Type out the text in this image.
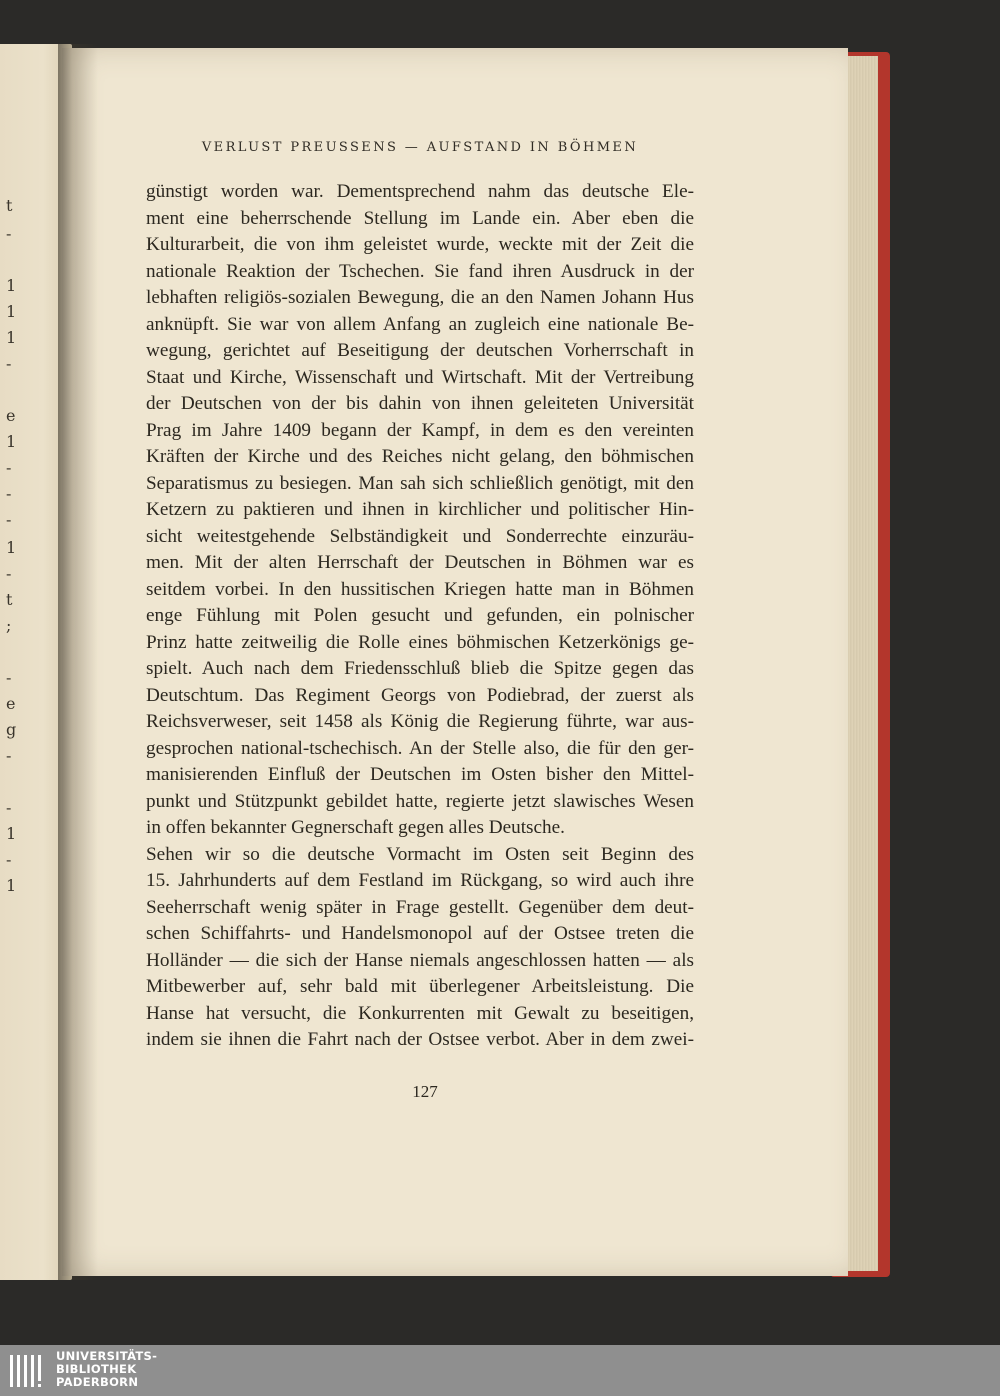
t
-
1
1
1
-
e
1
-
-
-
1
-
t
;
-
e
g
-
-
1
-
1
VERLUST PREUSSENS — AUFSTAND IN BÖHMEN
günstigt worden war. Dementsprechend nahm das deutsche Ele-
ment eine beherrschende Stellung im Lande ein. Aber eben die
Kulturarbeit, die von ihm geleistet wurde, weckte mit der Zeit die
nationale Reaktion der Tschechen. Sie fand ihren Ausdruck in der
lebhaften religiös-sozialen Bewegung, die an den Namen Johann Hus
anknüpft. Sie war von allem Anfang an zugleich eine nationale Be-
wegung, gerichtet auf Beseitigung der deutschen Vorherrschaft in
Staat und Kirche, Wissenschaft und Wirtschaft. Mit der Vertreibung
der Deutschen von der bis dahin von ihnen geleiteten Universität
Prag im Jahre 1409 begann der Kampf, in dem es den vereinten
Kräften der Kirche und des Reiches nicht gelang, den böhmischen
Separatismus zu besiegen. Man sah sich schließlich genötigt, mit den
Ketzern zu paktieren und ihnen in kirchlicher und politischer Hin-
sicht weitestgehende Selbständigkeit und Sonderrechte einzuräu-
men. Mit der alten Herrschaft der Deutschen in Böhmen war es
seitdem vorbei. In den hussitischen Kriegen hatte man in Böhmen
enge Fühlung mit Polen gesucht und gefunden, ein polnischer
Prinz hatte zeitweilig die Rolle eines böhmischen Ketzerkönigs ge-
spielt. Auch nach dem Friedensschluß blieb die Spitze gegen das
Deutschtum. Das Regiment Georgs von Podiebrad, der zuerst als
Reichsverweser, seit 1458 als König die Regierung führte, war aus-
gesprochen national-tschechisch. An der Stelle also, die für den ger-
manisierenden Einfluß der Deutschen im Osten bisher den Mittel-
punkt und Stützpunkt gebildet hatte, regierte jetzt slawisches Wesen
in offen bekannter Gegnerschaft gegen alles Deutsche.
Sehen wir so die deutsche Vormacht im Osten seit Beginn des
15. Jahrhunderts auf dem Festland im Rückgang, so wird auch ihre
Seeherrschaft wenig später in Frage gestellt. Gegenüber dem deut-
schen Schiffahrts- und Handelsmonopol auf der Ostsee treten die
Holländer — die sich der Hanse niemals angeschlossen hatten — als
Mitbewerber auf, sehr bald mit überlegener Arbeitsleistung. Die
Hanse hat versucht, die Konkurrenten mit Gewalt zu beseitigen,
indem sie ihnen die Fahrt nach der Ostsee verbot. Aber in dem zwei-
127
UNIVERSITÄTS-
BIBLIOTHEK
PADERBORN
